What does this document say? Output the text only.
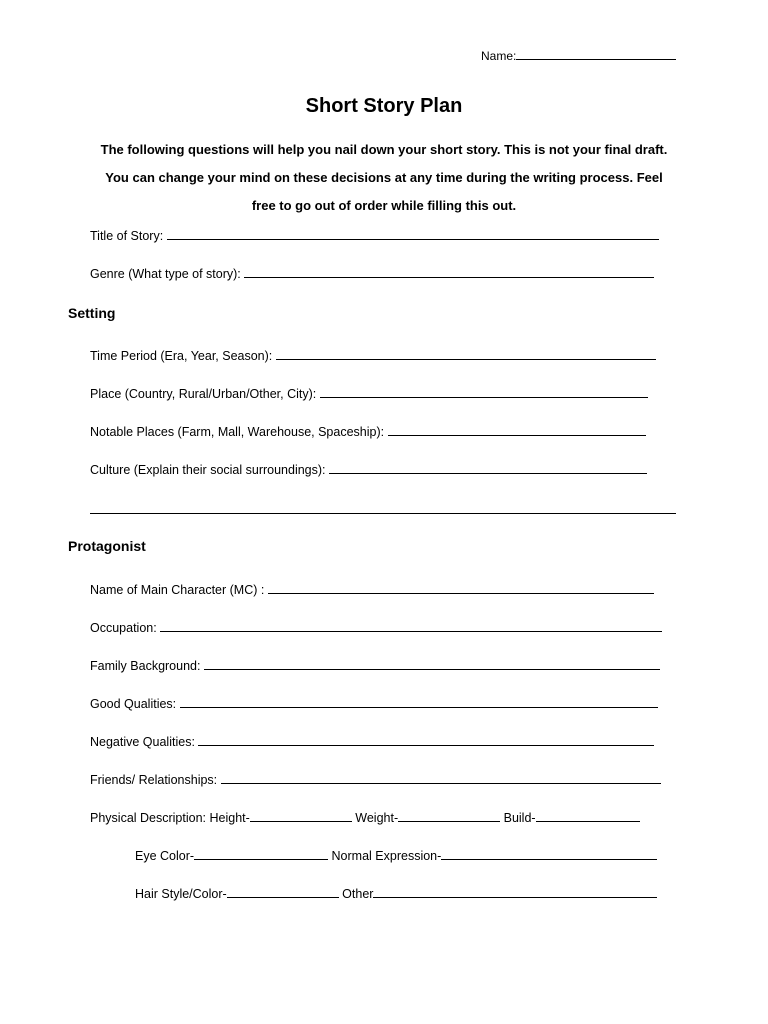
Name:
Short Story Plan
The following questions will help you nail down your short story. This is not your final draft.
You can change your mind on these decisions at any time during the writing process. Feel
free to go out of order while filling this out.
Title of Story:
Genre (What type of story):
Setting
Time Period (Era, Year, Season):
Place (Country, Rural/Urban/Other, City):
Notable Places (Farm, Mall, Warehouse, Spaceship):
Culture (Explain their social surroundings):
Protagonist
Name of Main Character (MC) :
Occupation:
Family Background:
Good Qualities:
Negative Qualities:
Friends/ Relationships:
Physical Description: Height-	Weight-	Build-
Eye Color-	Normal Expression-
Hair Style/Color-	Other
